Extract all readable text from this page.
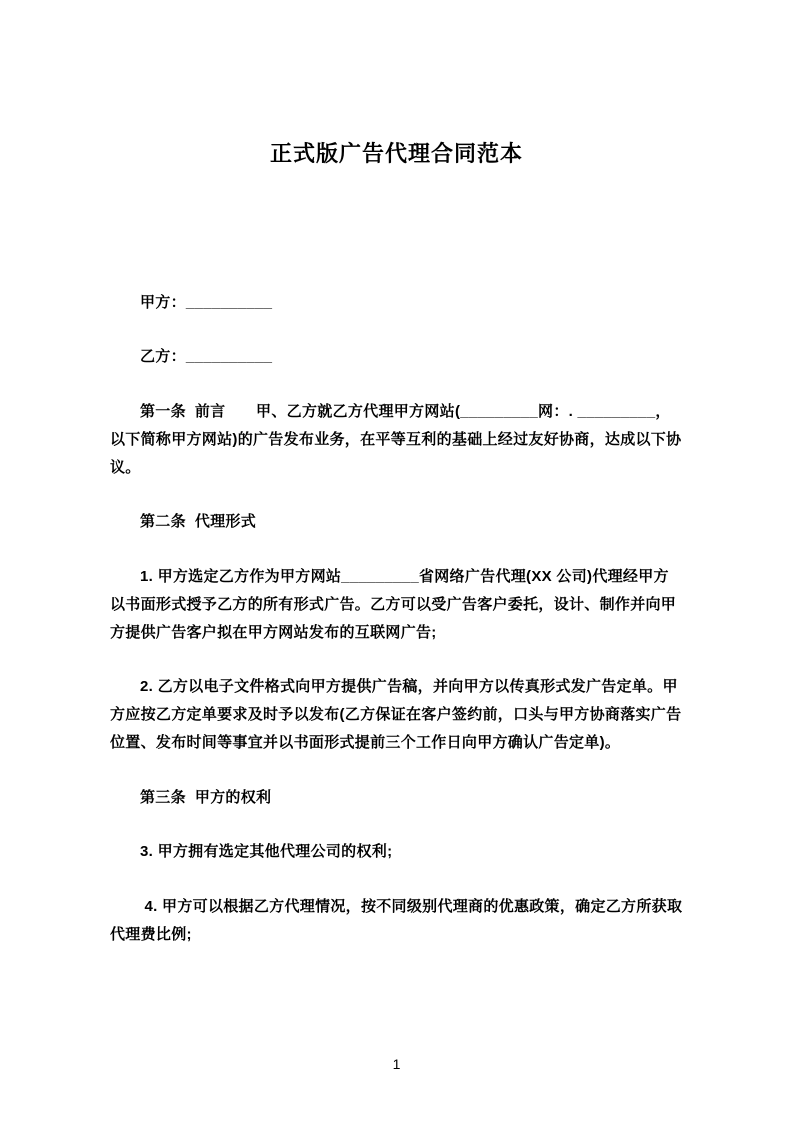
正式版广告代理合同范本

甲方：__________

乙方：__________

第一条  前言　　甲、乙方就乙方代理甲方网站(_________网：. _________，以下简称甲方网站)的广告发布业务，在平等互利的基础上经过友好协商，达成以下协议。

第二条  代理形式

1. 甲方选定乙方作为甲方网站_________省网络广告代理(XX 公司)代理经甲方以书面形式授予乙方的所有形式广告。乙方可以受广告客户委托，设计、制作并向甲方提供广告客户拟在甲方网站发布的互联网广告;

2. 乙方以电子文件格式向甲方提供广告稿，并向甲方以传真形式发广告定单。甲方应按乙方定单要求及时予以发布(乙方保证在客户签约前，口头与甲方协商落实广告位置、发布时间等事宜并以书面形式提前三个工作日向甲方确认广告定单)。

第三条  甲方的权利

3. 甲方拥有选定其他代理公司的权利;

4. 甲方可以根据乙方代理情况，按不同级别代理商的优惠政策，确定乙方所获取代理费比例;

1
